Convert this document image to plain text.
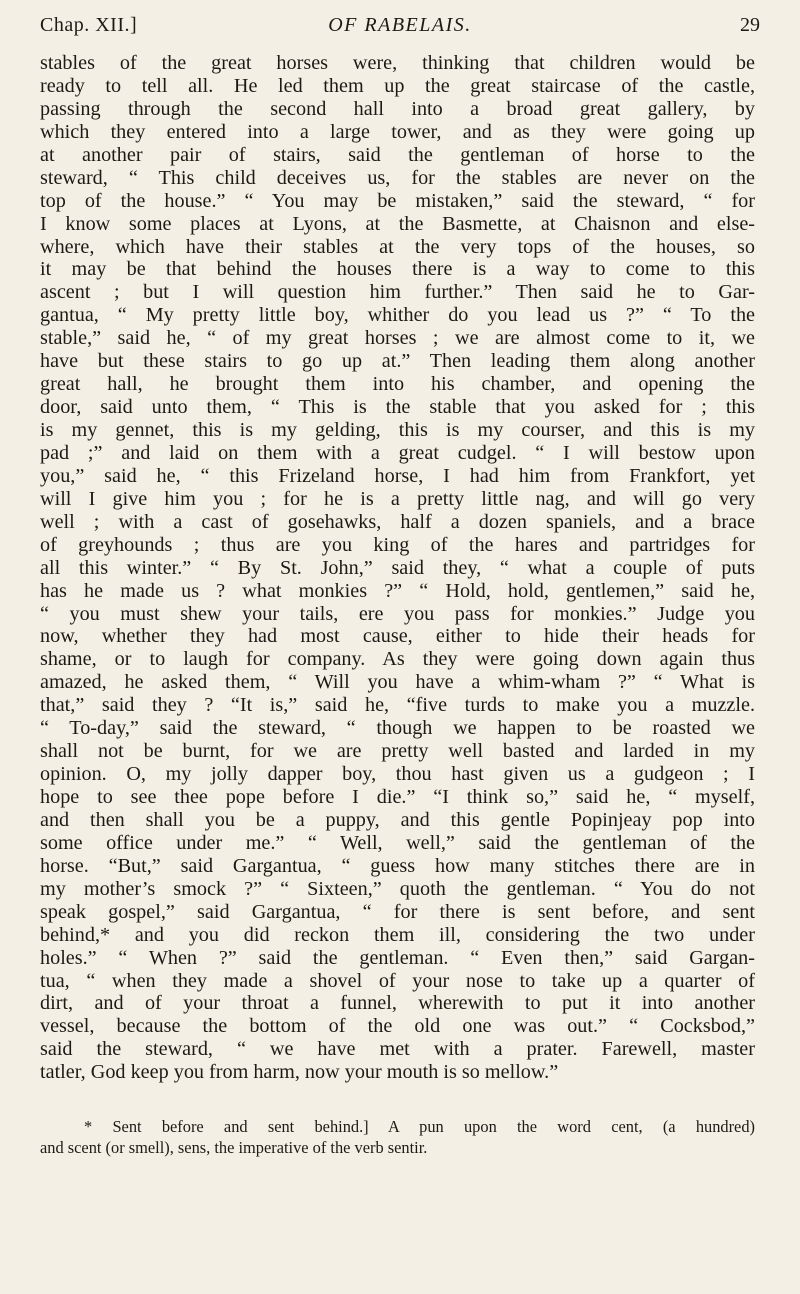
Chap. XII.]	OF RABELAIS.	29
stables of the great horses were, thinking that children would be
ready to tell all. He led them up the great staircase of the castle,
passing through the second hall into a broad great gallery, by
which they entered into a large tower, and as they were going up
at another pair of stairs, said the gentleman of horse to the
steward, “ This child deceives us, for the stables are never on the
top of the house.” “ You may be mistaken,” said the steward, “ for
I know some places at Lyons, at the Basmette, at Chaisnon and else-
where, which have their stables at the very tops of the houses, so
it may be that behind the houses there is a way to come to this
ascent ; but I will question him further.” Then said he to Gar-
gantua, “ My pretty little boy, whither do you lead us ?” “ To the
stable,” said he, “ of my great horses ; we are almost come to it, we
have but these stairs to go up at.” Then leading them along another
great hall, he brought them into his chamber, and opening the
door, said unto them, “ This is the stable that you asked for ; this
is my gennet, this is my gelding, this is my courser, and this is my
pad ;” and laid on them with a great cudgel. “ I will bestow upon
you,” said he, “ this Frizeland horse, I had him from Frankfort, yet
will I give him you ; for he is a pretty little nag, and will go very
well ; with a cast of gosehawks, half a dozen spaniels, and a brace
of greyhounds ; thus are you king of the hares and partridges for
all this winter.” “ By St. John,” said they, “ what a couple of puts
has he made us ? what monkies ?” “ Hold, hold, gentlemen,” said he,
“ you must shew your tails, ere you pass for monkies.” Judge you
now, whether they had most cause, either to hide their heads for
shame, or to laugh for company. As they were going down again thus
amazed, he asked them, “ Will you have a whim-wham ?” “ What is
that,” said they ? “It is,” said he, “five turds to make you a muzzle.
“ To-day,” said the steward, “ though we happen to be roasted we
shall not be burnt, for we are pretty well basted and larded in my
opinion. O, my jolly dapper boy, thou hast given us a gudgeon ; I
hope to see thee pope before I die.” “I think so,” said he, “ myself,
and then shall you be a puppy, and this gentle Popinjeay pop into
some office under me.” “ Well, well,” said the gentleman of the
horse. “But,” said Gargantua, “ guess how many stitches there are in
my mother’s smock ?” “ Sixteen,” quoth the gentleman. “ You do not
speak gospel,” said Gargantua, “ for there is sent before, and sent
behind,* and you did reckon them ill, considering the two under
holes.” “ When ?” said the gentleman. “ Even then,” said Gargan-
tua, “ when they made a shovel of your nose to take up a quarter of
dirt, and of your throat a funnel, wherewith to put it into another
vessel, because the bottom of the old one was out.” “ Cocksbod,”
said the steward, “ we have met with a prater. Farewell, master
tatler, God keep you from harm, now your mouth is so mellow.”
* Sent before and sent behind.] A pun upon the word cent, (a hundred)
and scent (or smell), sens, the imperative of the verb sentir.
